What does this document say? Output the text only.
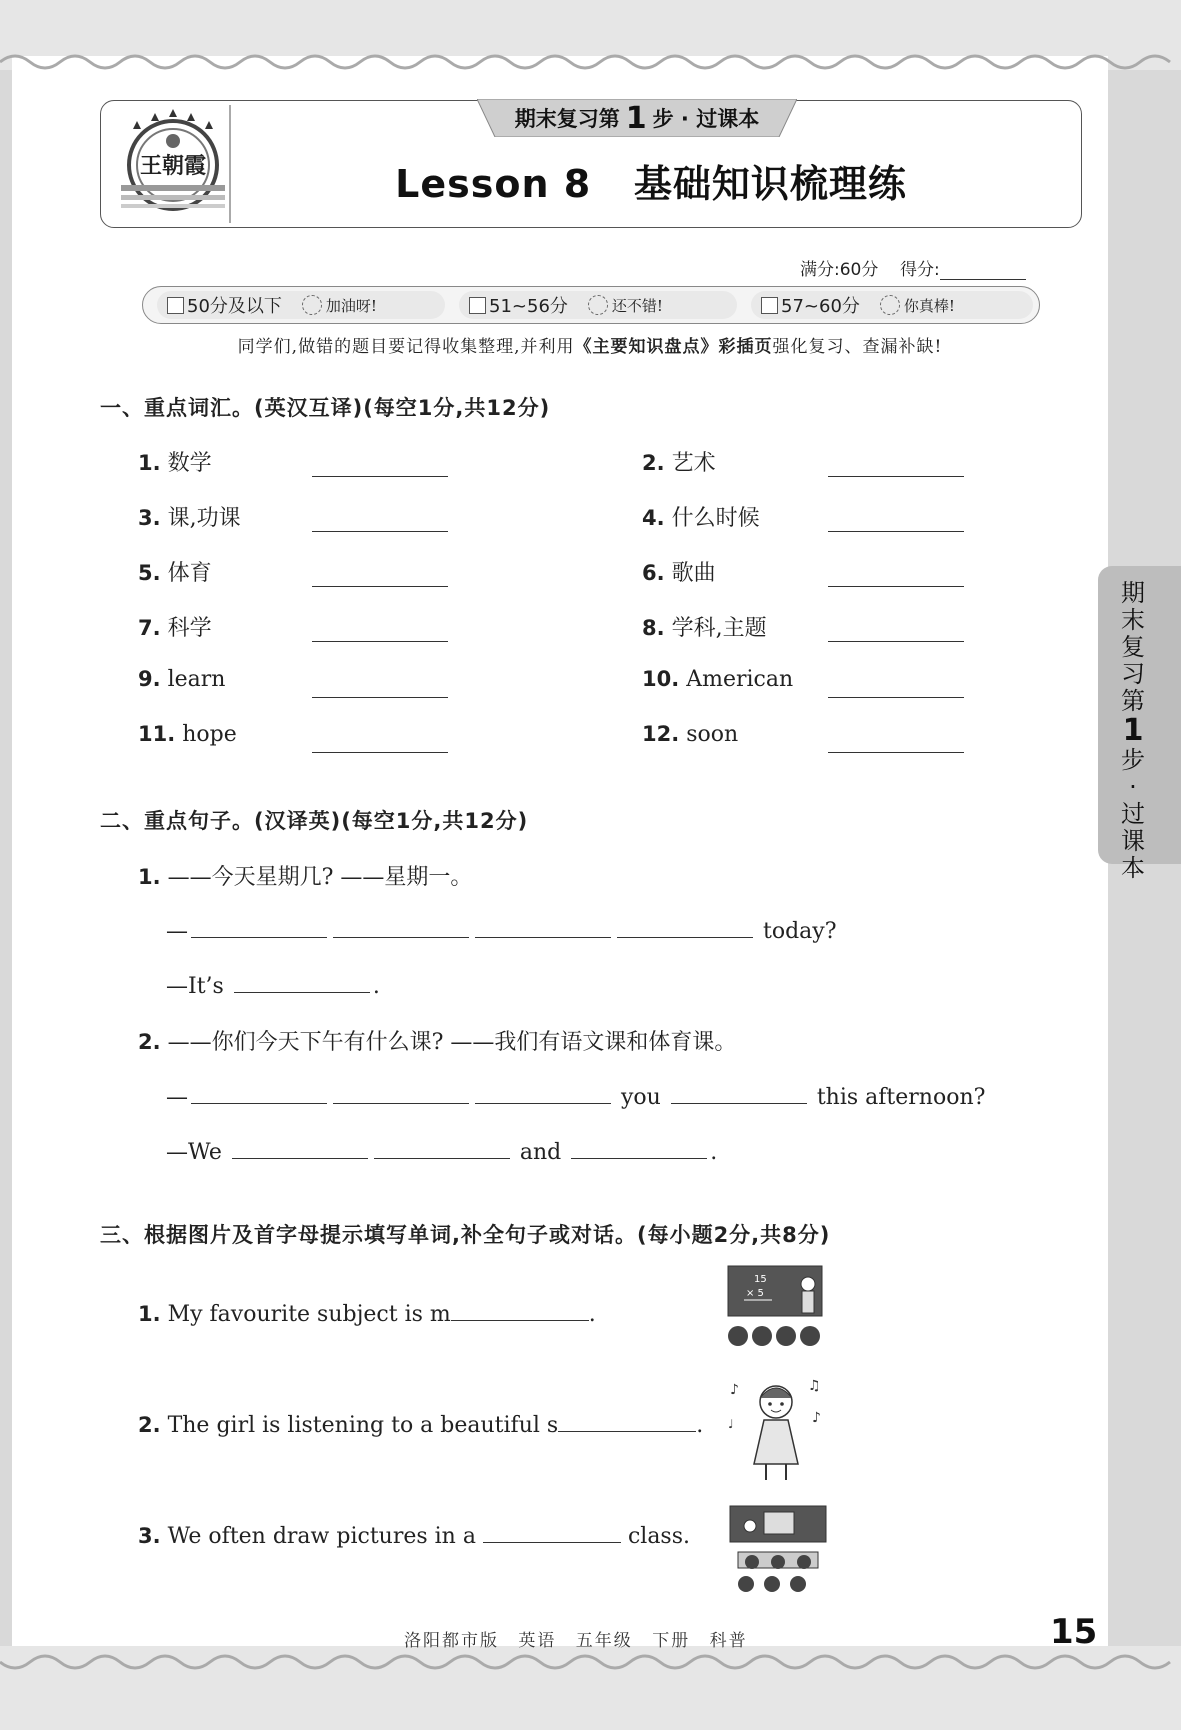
王朝霞
期末复习第 1 步 · 过课本
Lesson 8   基础知识梳理练
满分:60分 得分:
50分及以下	加油呀!	51~56分	还不错!	57~60分	你真棒!
同学们,做错的题目要记得收集整理,并利用《主要知识盘点》彩插页强化复习、查漏补缺!
一、重点词汇。(英汉互译)(每空1分,共12分)
1. 数学	2. 艺术
3. 课,功课	4. 什么时候
5. 体育	6. 歌曲
7. 科学	8. 学科,主题
9. learn	10. American
11. hope	12. soon
二、重点句子。(汉译英)(每空1分,共12分)
1. ——今天星期几? ——星期一。
—	today?
—It’s	.
2. ——你们今天下午有什么课? ——我们有语文课和体育课。
—	you	this afternoon?
—We	and	.
三、根据图片及首字母提示填写单词,补全句子或对话。(每小题2分,共8分)
1. My favourite subject is m	.
2. The girl is listening to a beautiful s	.
3. We often draw pictures in a	class.
15
× 5
♪	♫
♪
♩
期
末
复
习
第
1
步
·
过
课
本
洛阳都市版 英语 五年级 下册 科普	15
